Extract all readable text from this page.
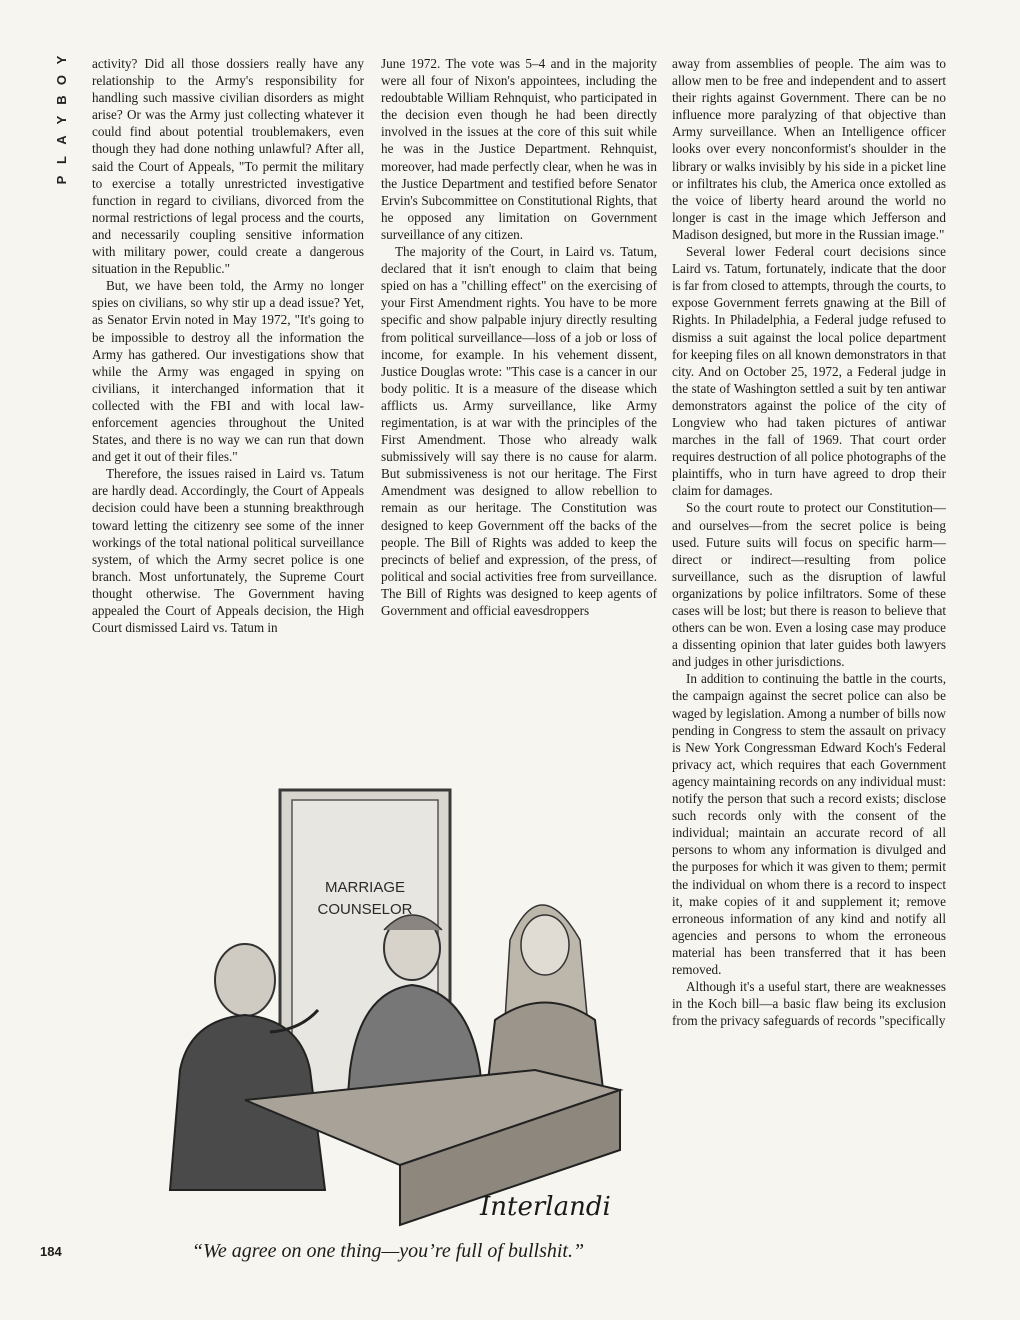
Y
O
B
Y
A
L
P

activity? Did all those dossiers really have any relationship to the Army's responsibility for handling such massive civilian disorders as might arise? Or was the Army just collecting whatever it could find about potential troublemakers, even though they had done nothing unlawful? After all, said the Court of Appeals, "To permit the military to exercise a totally unrestricted investigative function in regard to civilians, divorced from the normal restrictions of legal process and the courts, and necessarily coupling sensitive information with military power, could create a dangerous situation in the Republic."

But, we have been told, the Army no longer spies on civilians, so why stir up a dead issue? Yet, as Senator Ervin noted in May 1972, "It's going to be impossible to destroy all the information the Army has gathered. Our investigations show that while the Army was engaged in spying on civilians, it interchanged information that it collected with the FBI and with local law-enforcement agencies throughout the United States, and there is no way we can run that down and get it out of their files."

Therefore, the issues raised in Laird vs. Tatum are hardly dead. Accordingly, the Court of Appeals decision could have been a stunning breakthrough toward letting the citizenry see some of the inner workings of the total national political surveillance system, of which the Army secret police is one branch. Most unfortunately, the Supreme Court thought otherwise. The Government having appealed the Court of Appeals decision, the High Court dismissed Laird vs. Tatum in

June 1972. The vote was 5–4 and in the majority were all four of Nixon's appointees, including the redoubtable William Rehnquist, who participated in the decision even though he had been directly involved in the issues at the core of this suit while he was in the Justice Department. Rehnquist, moreover, had made perfectly clear, when he was in the Justice Department and testified before Senator Ervin's Subcommittee on Constitutional Rights, that he opposed any limitation on Government surveillance of any citizen.

The majority of the Court, in Laird vs. Tatum, declared that it isn't enough to claim that being spied on has a "chilling effect" on the exercising of your First Amendment rights. You have to be more specific and show palpable injury directly resulting from political surveillance—loss of a job or loss of income, for example. In his vehement dissent, Justice Douglas wrote: "This case is a cancer in our body politic. It is a measure of the disease which afflicts us. Army surveillance, like Army regimentation, is at war with the principles of the First Amendment. Those who already walk submissively will say there is no cause for alarm. But submissiveness is not our heritage. The First Amendment was designed to allow rebellion to remain as our heritage. The Constitution was designed to keep Government off the backs of the people. The Bill of Rights was added to keep the precincts of belief and expression, of the press, of political and social activities free from surveillance. The Bill of Rights was designed to keep agents of Government and official eavesdroppers

away from assemblies of people. The aim was to allow men to be free and independent and to assert their rights against Government. There can be no influence more paralyzing of that objective than Army surveillance. When an Intelligence officer looks over every nonconformist's shoulder in the library or walks invisibly by his side in a picket line or infiltrates his club, the America once extolled as the voice of liberty heard around the world no longer is cast in the image which Jefferson and Madison designed, but more in the Russian image."

Several lower Federal court decisions since Laird vs. Tatum, fortunately, indicate that the door is far from closed to attempts, through the courts, to expose Government ferrets gnawing at the Bill of Rights. In Philadelphia, a Federal judge refused to dismiss a suit against the local police department for keeping files on all known demonstrators in that city. And on October 25, 1972, a Federal judge in the state of Washington settled a suit by ten antiwar demonstrators against the police of the city of Longview who had taken pictures of antiwar marches in the fall of 1969. That court order requires destruction of all police photographs of the plaintiffs, who in turn have agreed to drop their claim for damages.

So the court route to protect our Constitution—and ourselves—from the secret police is being used. Future suits will focus on specific harm—direct or indirect—resulting from police surveillance, such as the disruption of lawful organizations by police infiltrators. Some of these cases will be lost; but there is reason to believe that others can be won. Even a losing case may produce a dissenting opinion that later guides both lawyers and judges in other jurisdictions.

In addition to continuing the battle in the courts, the campaign against the secret police can also be waged by legislation. Among a number of bills now pending in Congress to stem the assault on privacy is New York Congressman Edward Koch's Federal privacy act, which requires that each Government agency maintaining records on any individual must: notify the person that such a record exists; disclose such records only with the consent of the individual; maintain an accurate record of all persons to whom any information is divulged and the purposes for which it was given to them; permit the individual on whom there is a record to inspect it, make copies of it and supplement it; remove erroneous information of any kind and notify all agencies and persons to whom the erroneous material has been transferred that it has been removed.

Although it's a useful start, there are weaknesses in the Koch bill—a basic flaw being its exclusion from the privacy safeguards of records "specifically

MARRIAGE
COUNSELOR
Interlandi
184	“We agree on one thing—you’re full of bullshit.”
